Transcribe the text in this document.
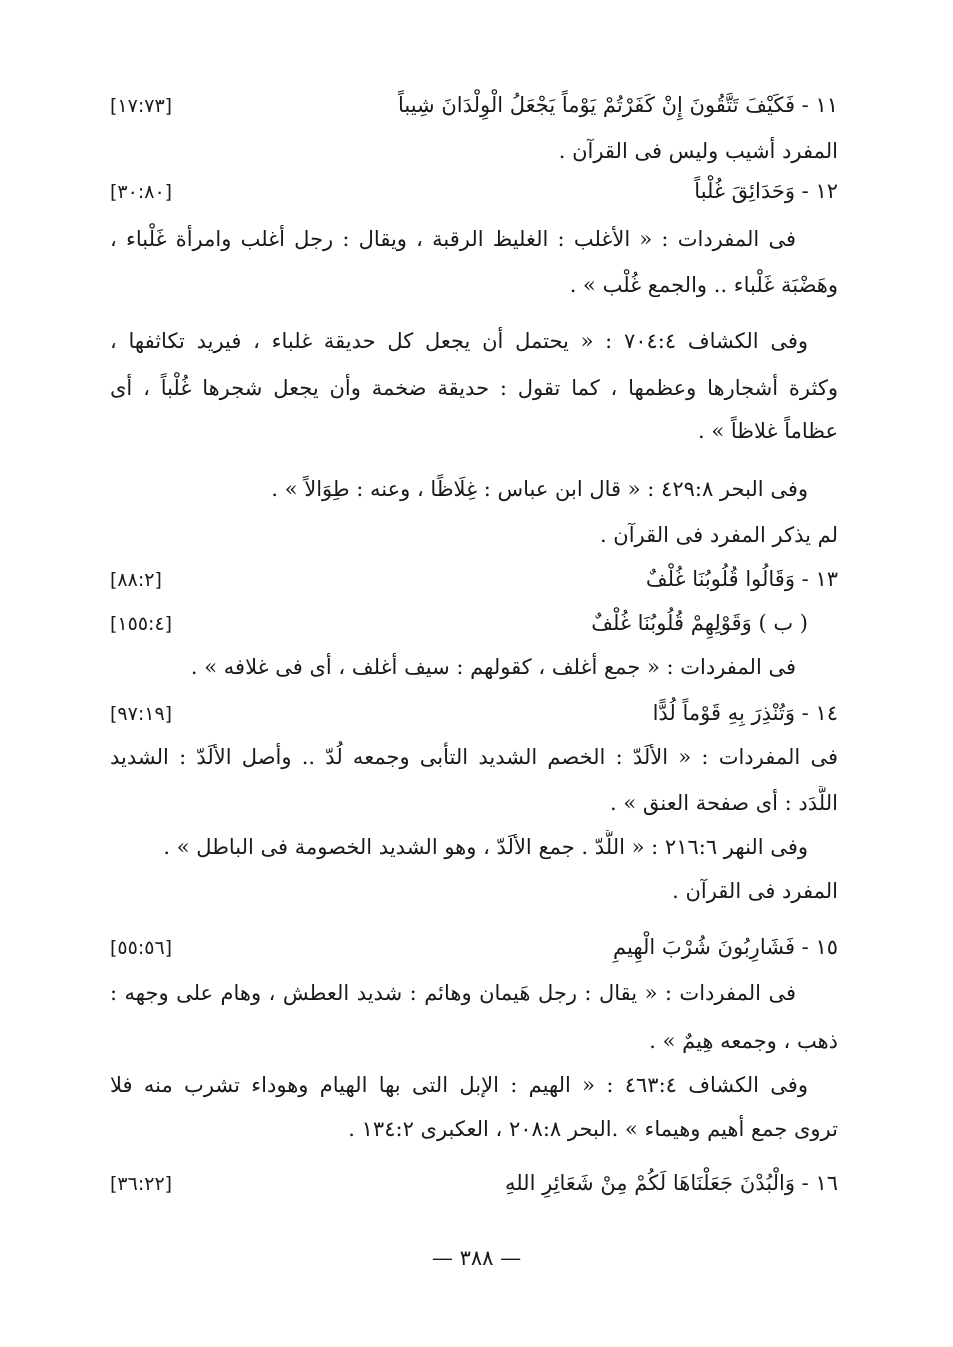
١١ - فَكَيْفَ تَتَّقُونَ إِنْ كَفَرْتُمْ يَوْماً يَجْعَلُ الْوِلْدَانَ شِيباً
[١٧:٧٣]
المفرد أشيب وليس فى القرآن .
١٢ - وَحَدَائِقَ غُلْباً
[٣٠:٨٠]
فى المفردات : « الأغلب : الغليظ الرقبة ، ويقال : رجل أغلب وامرأة غَلْباء ،
وهَضْبَة غَلْباء .. والجمع غُلْب » .
وفى الكشاف ٧٠٤:٤ : « يحتمل أن يجعل كل حديقة غلباء ، فيريد تكاثفها ،
وكثرة أشجارها وعظمها ، كما تقول : حديقة ضخمة وأن يجعل شجرها غُلْباً ، أى
عظاماً غلاظاً » .
وفى البحر ٤٢٩:٨ : « قال ابن عباس : غِلَاظًا ، وعنه : طِوَالاً » .
لم يذكر المفرد فى القرآن .
١٣ - وَقَالُوا قُلُوبُنَا غُلْفٌ
[٨٨:٢]
( ب ) وَقَوْلِهِمْ قُلُوبُنَا غُلْفٌ
[١٥٥:٤]
فى المفردات : « جمع أغلف ، كقولهم : سيف أغلف ، أى فى غلافه » .
١٤ - وَتُنْذِرَ بِهِ قَوْماً لُدًّا
[٩٧:١٩]
فى المفردات : « الألَدّ : الخصم الشديد التأبى وجمعه لُدّ .. وأصل الألَدّ : الشديد
اللَّدَد : أى صفحة العنق » .
وفى النهر ٢١٦:٦ : « اللُّدّ . جمع الألَدّ ، وهو الشديد الخصومة فى الباطل » .
المفرد فى القرآن .
١٥ - فَشَارِبُونَ شُرْبَ الْهِيمِ
[٥٥:٥٦]
فى المفردات : « يقال : رجل هَيمان وهائم : شديد العطش ، وهام على وجهه :
ذهب ، وجمعه هِيمٌ » .
وفى الكشاف ٤٦٣:٤ : « الهيم : الإبل التى بها الهيام وهوداء تشرب منه فلا
تروى جمع أهيم وهيماء » .
البحر ٢٠٨:٨ ، العكبرى ١٣٤:٢ .
١٦ - وَالْبُدْنَ جَعَلْنَاهَا لَكُمْ مِنْ شَعَائِرِ اللهِ
[٣٦:٢٢]
— ٣٨٨ —
